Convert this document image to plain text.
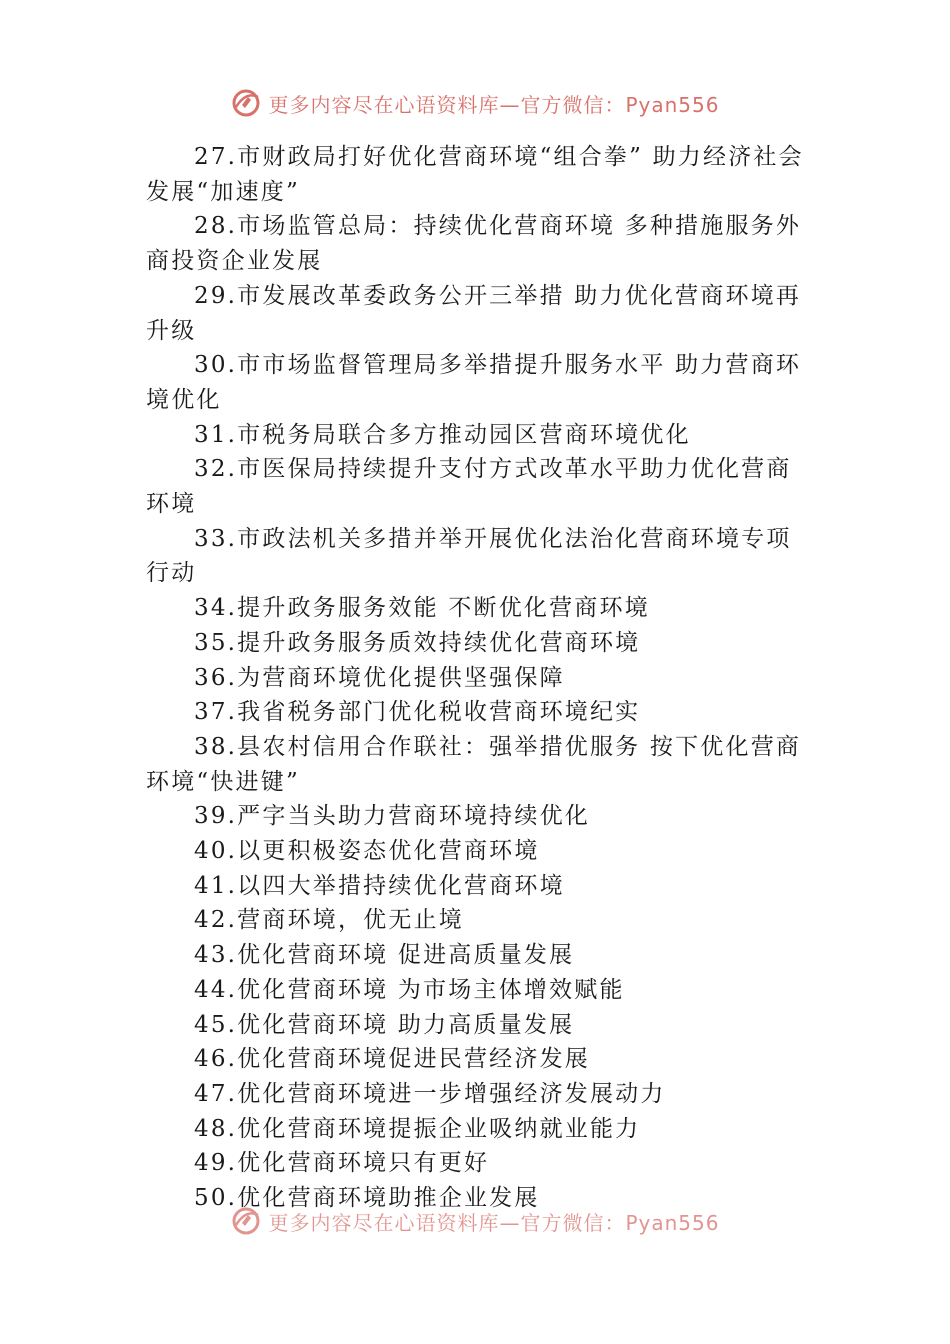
更多内容尽在心语资料库—官方微信：Pyan556

27.市财政局打好优化营商环境“组合拳” 助力经济社会发展“加速度”

28.市场监管总局：持续优化营商环境 多种措施服务外商投资企业发展

29.市发展改革委政务公开三举措 助力优化营商环境再升级

30.市市场监督管理局多举措提升服务水平 助力营商环境优化

31.市税务局联合多方推动园区营商环境优化

32.市医保局持续提升支付方式改革水平助力优化营商环境

33.市政法机关多措并举开展优化法治化营商环境专项行动

34.提升政务服务效能 不断优化营商环境

35.提升政务服务质效持续优化营商环境

36.为营商环境优化提供坚强保障

37.我省税务部门优化税收营商环境纪实

38.县农村信用合作联社：强举措优服务 按下优化营商环境“快进键”

39.严字当头助力营商环境持续优化

40.以更积极姿态优化营商环境

41.以四大举措持续优化营商环境

42.营商环境，优无止境

43.优化营商环境 促进高质量发展

44.优化营商环境 为市场主体增效赋能

45.优化营商环境 助力高质量发展

46.优化营商环境促进民营经济发展

47.优化营商环境进一步增强经济发展动力

48.优化营商环境提振企业吸纳就业能力

49.优化营商环境只有更好

50.优化营商环境助推企业发展

更多内容尽在心语资料库—官方微信：Pyan556
